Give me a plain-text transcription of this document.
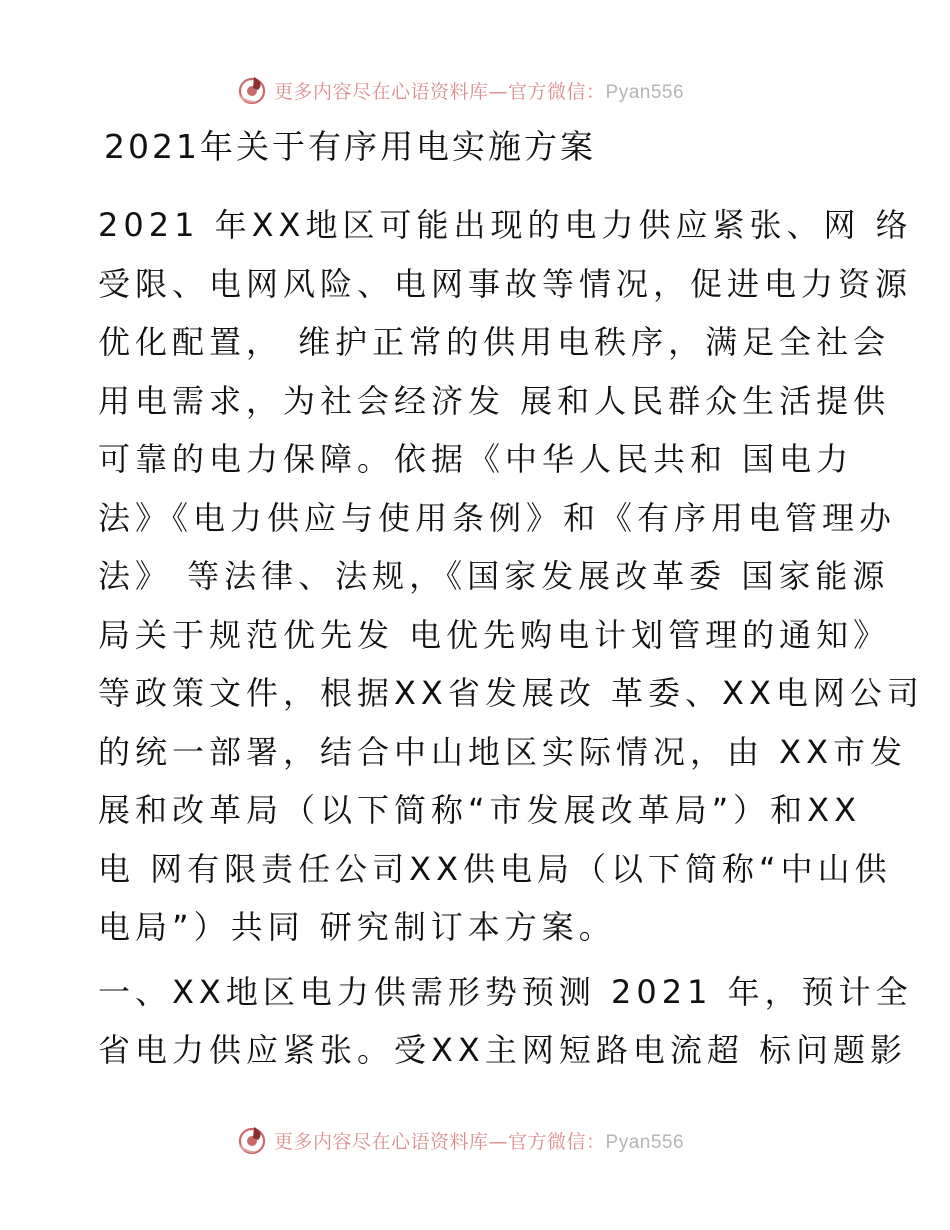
更多内容尽在心语资料库—官方微信：Pyan556
2021年关于有序用电实施方案

2021 年XX地区可能出现的电力供应紧张、网 络
受限、电网风险、电网事故等情况，促进电力资源
优化配置， 维护正常的供用电秩序，满足全社会
用电需求，为社会经济发 展和人民群众生活提供
可靠的电力保障。依据《中华人民共和 国电力
法》《电力供应与使用条例》和《有序用电管理办
法》 等法律、法规，《国家发展改革委 国家能源
局关于规范优先发 电优先购电计划管理的通知》
等政策文件，根据XX省发展改 革委、XX电网公司
的统一部署，结合中山地区实际情况，由 XX市发
展和改革局（以下简称“市发展改革局”）和XX
电 网有限责任公司XX供电局（以下简称“中山供
电局”）共同 研究制订本方案。

一、XX地区电力供需形势预测 2021 年，预计全
省电力供应紧张。受XX主网短路电流超 标问题影

更多内容尽在心语资料库—官方微信：Pyan556
